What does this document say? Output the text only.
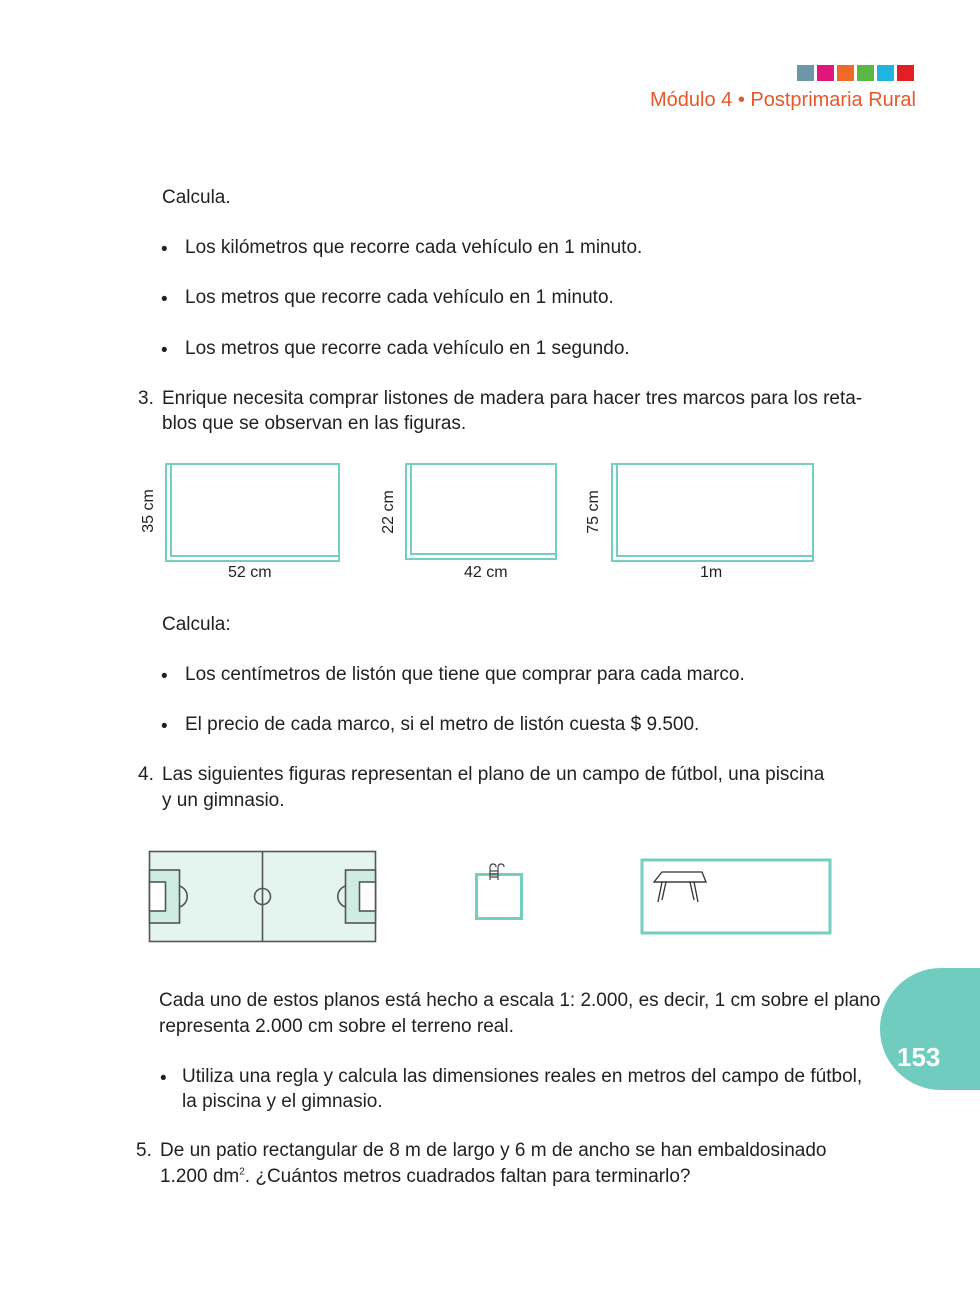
Módulo 4 • Postprimaria Rural
Calcula.
• Los kilómetros que recorre cada vehículo en 1 minuto.
• Los metros que recorre cada vehículo en 1 minuto.
• Los metros que recorre cada vehículo en 1 segundo.
3. Enrique necesita comprar listones de madera para hacer tres marcos para los reta-
blos que se observan en las figuras.
35 cm
52 cm
22 cm
42 cm
75 cm
1m
Calcula:
• Los centímetros de listón que tiene que comprar para cada marco.
• El precio de cada marco, si el metro de listón cuesta $ 9.500.
4. Las siguientes figuras representan el plano de un campo de fútbol, una piscina
y un gimnasio.
Cada uno de estos planos está hecho a escala 1: 2.000, es decir, 1 cm sobre el plano
representa 2.000 cm sobre el terreno real.
• Utiliza una regla y calcula las dimensiones reales en metros del campo de fútbol,
la piscina y el gimnasio.
5. De un patio rectangular de 8 m de largo y 6 m de ancho se han embaldosinado
1.200 $dm^2$. ¿Cuántos metros cuadrados faltan para terminarlo?
153
